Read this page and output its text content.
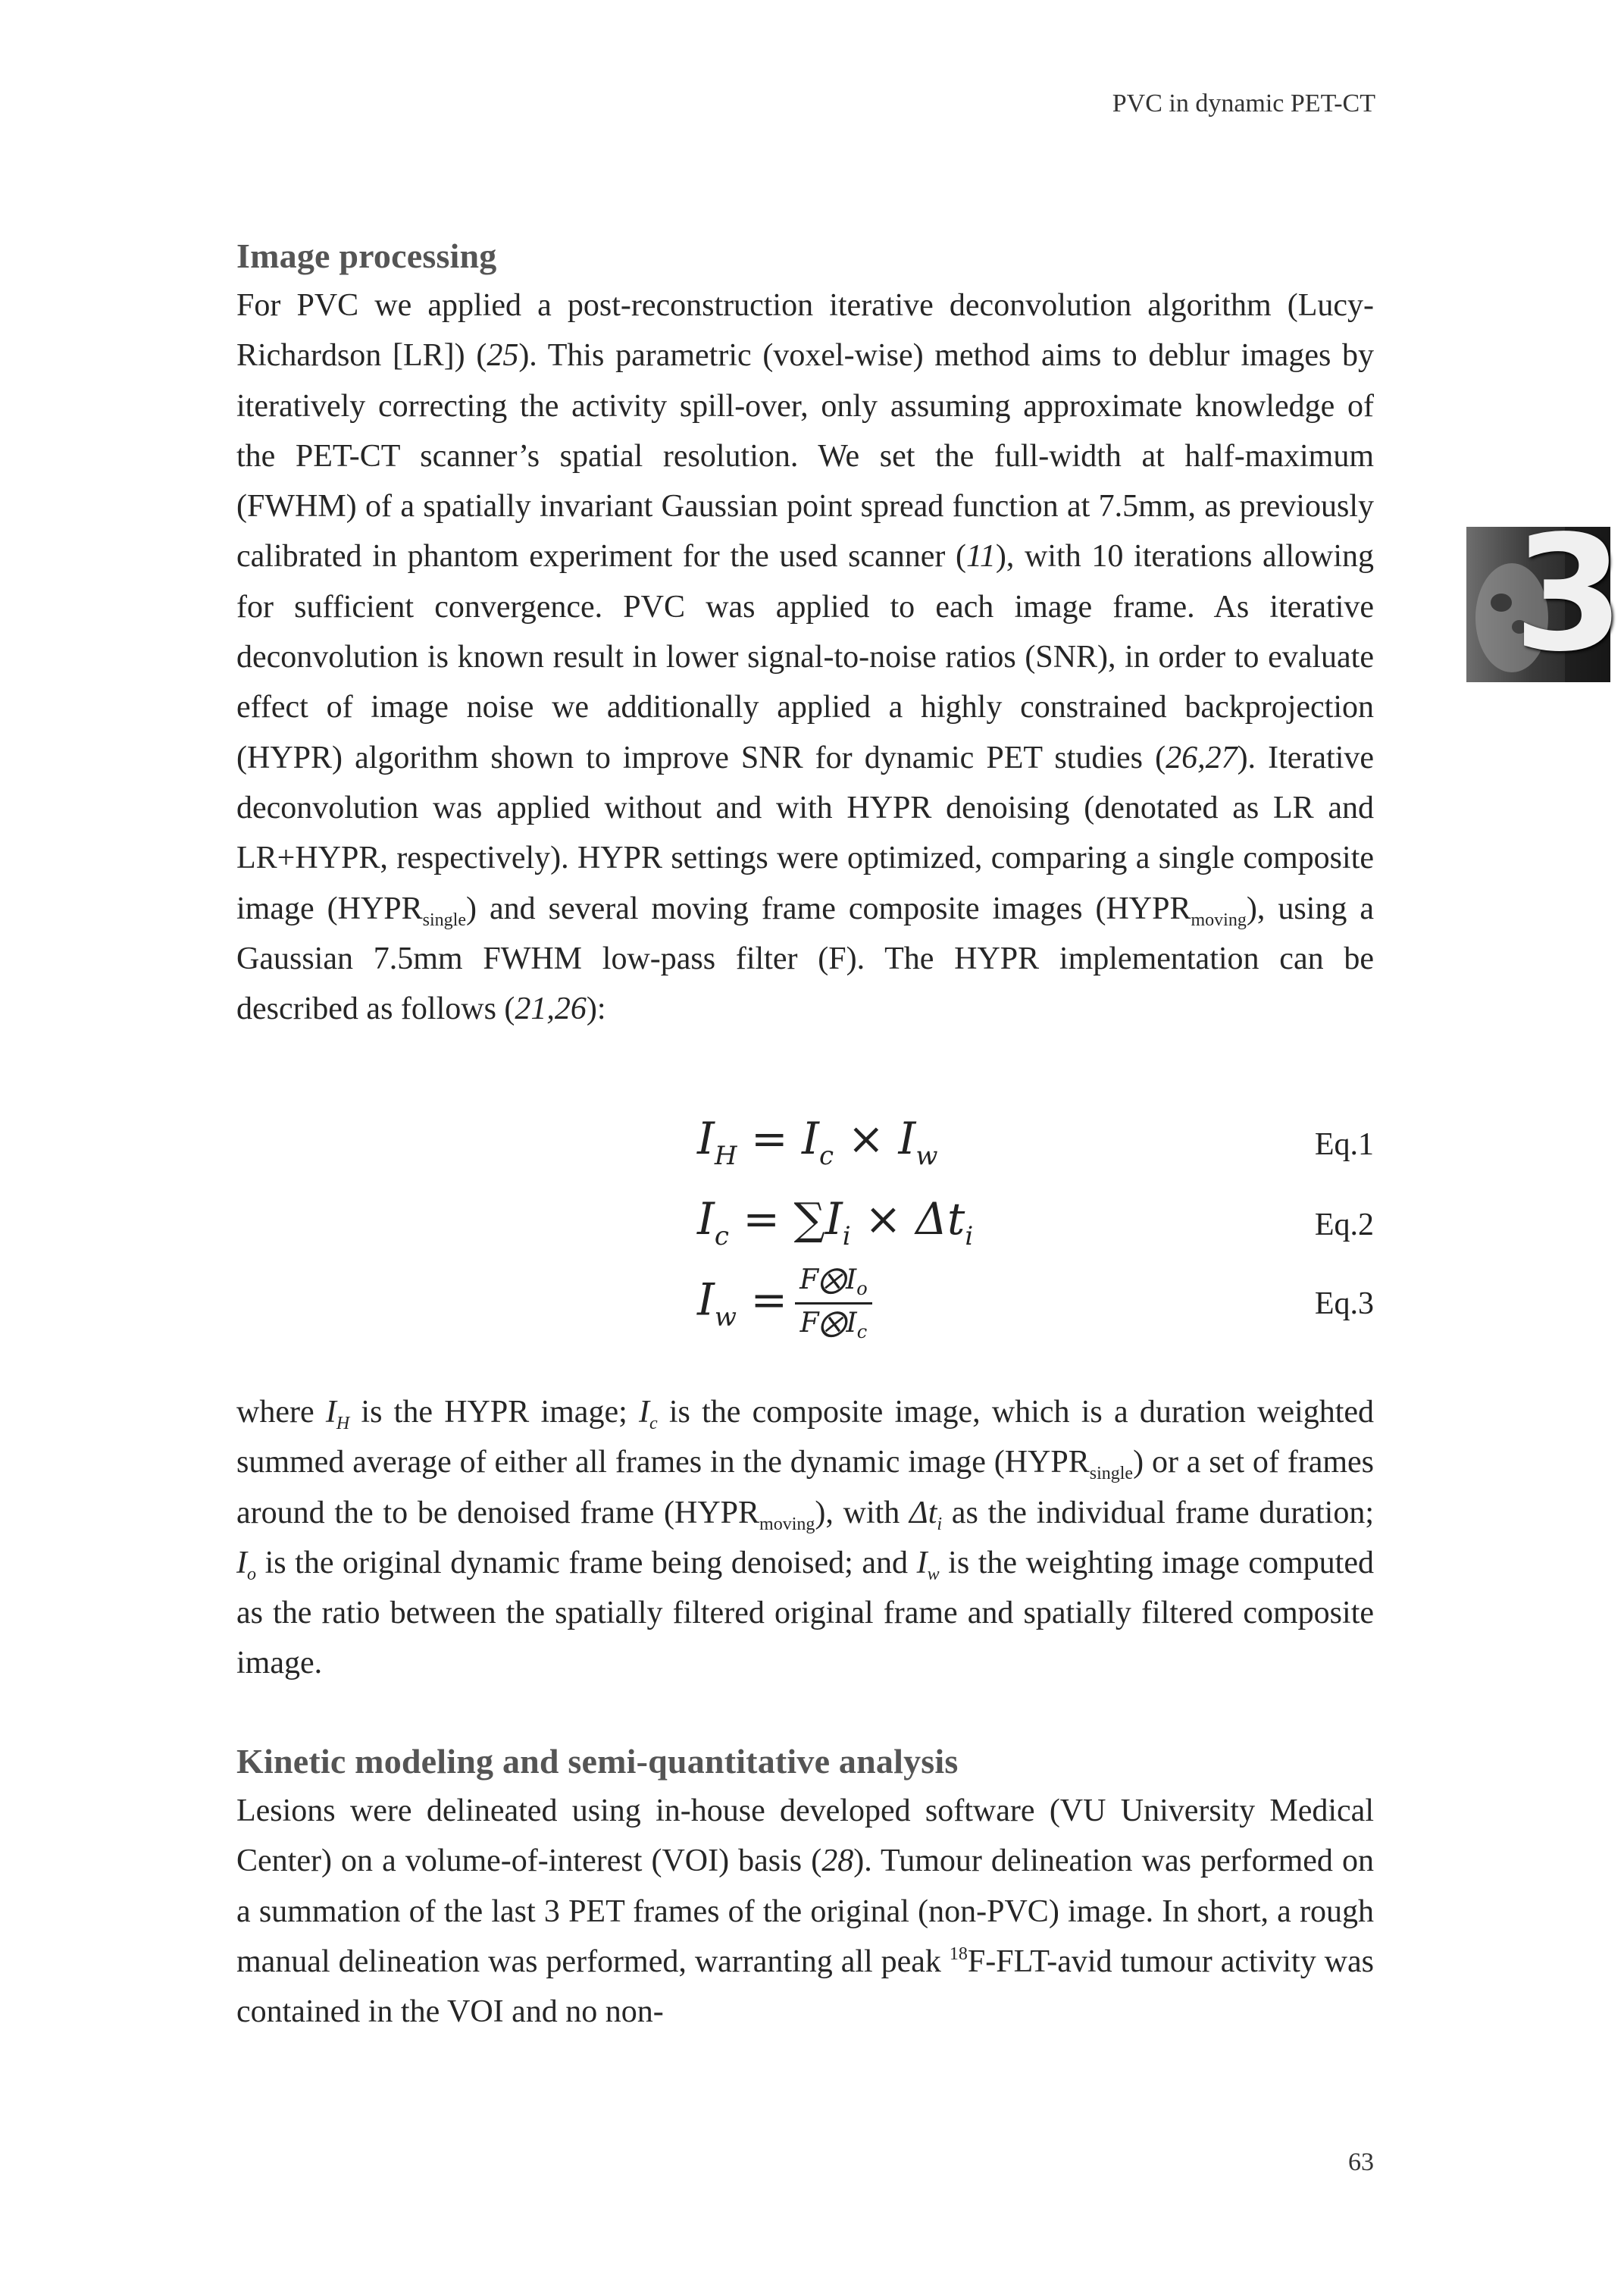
PVC in dynamic PET-CT
3
Image processing

For PVC we applied a post-reconstruction iterative deconvolution algorithm (Lucy-Richardson [LR]) (25). This parametric (voxel-wise) method aims to deblur images by iteratively correcting the activity spill-over, only assuming approximate knowledge of the PET-CT scanner’s spatial resolution. We set the full-width at half-maximum (FWHM) of a spatially invariant Gaussian point spread function at 7.5mm, as previously calibrated in phantom experiment for the used scanner (11), with 10 iterations allowing for sufficient convergence. PVC was applied to each image frame. As iterative deconvolution is known result in lower signal-to-noise ratios (SNR), in order to evaluate effect of image noise we additionally applied a highly constrained backprojection (HYPR) algorithm shown to improve SNR for dynamic PET studies (26,27). Iterative deconvolution was applied without and with HYPR denoising (denotated as LR and LR+HYPR, respectively). HYPR settings were optimized, comparing a single composite image $(HYPR_{single})$ and several moving frame composite images $(HYPR_{moving})$, using a Gaussian 7.5mm FWHM low-pass filter (F). The HYPR implementation can be described as follows (21,26):

$I_H = I_c \times I_w$	Eq.1
$I_c = \sum I_i \times \Delta t_i$	Eq.2
$I_w = \frac{F⨂I_o}{F⨂I_c}$	Eq.3

where $I_H$ is the HYPR image; $I_c$ is the composite image, which is a duration weighted summed average of either all frames in the dynamic image $(HYPR_{single})$ or a set of frames around the to be denoised frame $(HYPR_{moving})$, with $\Delta t_i$ as the individual frame duration; $I_o$ is the original dynamic frame being denoised; and $I_w$ is the weighting image computed as the ratio between the spatially filtered original frame and spatially filtered composite image.

Kinetic modeling and semi-quantitative analysis

Lesions were delineated using in-house developed software (VU University Medical Center) on a volume-of-interest (VOI) basis (28). Tumour delineation was performed on a summation of the last 3 PET frames of the original (non-PVC) image. In short, a rough manual delineation was performed, warranting all peak $^{18}$F-FLT-avid tumour activity was contained in the VOI and no non-

63
